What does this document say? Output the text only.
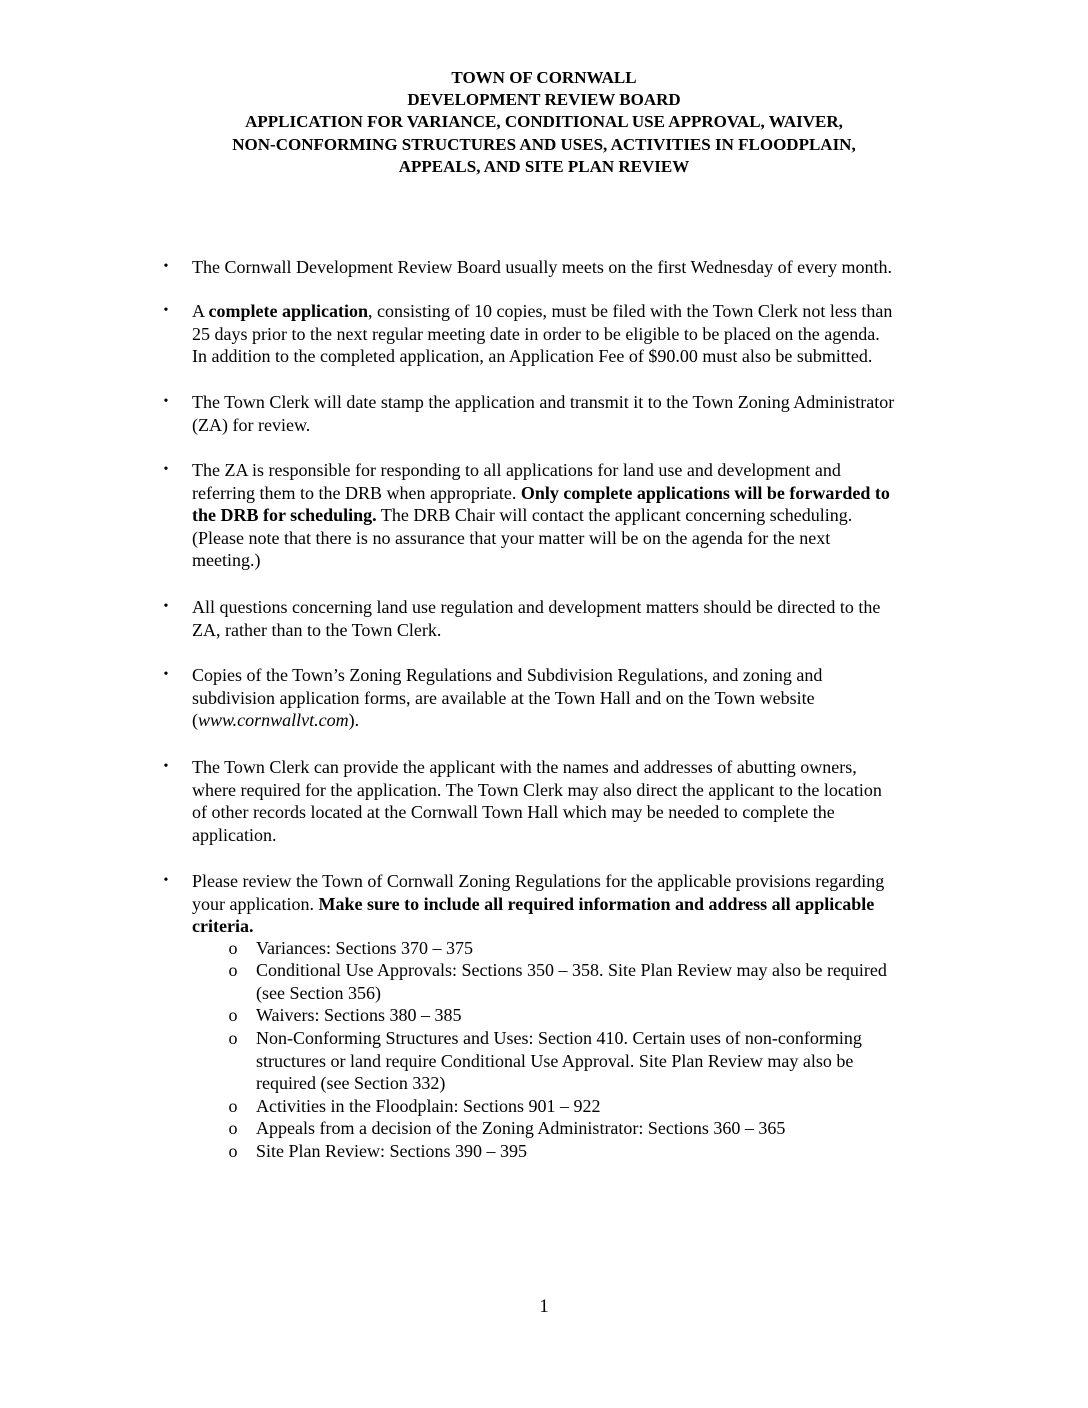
TOWN OF CORNWALL
DEVELOPMENT REVIEW BOARD
APPLICATION FOR VARIANCE, CONDITIONAL USE APPROVAL, WAIVER,
NON-CONFORMING STRUCTURES AND USES, ACTIVITIES IN FLOODPLAIN,
APPEALS, AND SITE PLAN REVIEW
• The Cornwall Development Review Board usually meets on the first Wednesday of every month.
• A complete application, consisting of 10 copies, must be filed with the Town Clerk not less than
25 days prior to the next regular meeting date in order to be eligible to be placed on the agenda.
In addition to the completed application, an Application Fee of $90.00 must also be submitted.
• The Town Clerk will date stamp the application and transmit it to the Town Zoning Administrator
(ZA) for review.
• The ZA is responsible for responding to all applications for land use and development and
referring them to the DRB when appropriate. Only complete applications will be forwarded to
the DRB for scheduling. The DRB Chair will contact the applicant concerning scheduling.
(Please note that there is no assurance that your matter will be on the agenda for the next
meeting.)
• All questions concerning land use regulation and development matters should be directed to the
ZA, rather than to the Town Clerk.
• Copies of the Town’s Zoning Regulations and Subdivision Regulations, and zoning and
subdivision application forms, are available at the Town Hall and on the Town website
(www.cornwallvt.com).
• The Town Clerk can provide the applicant with the names and addresses of abutting owners,
where required for the application. The Town Clerk may also direct the applicant to the location
of other records located at the Cornwall Town Hall which may be needed to complete the
application.
• Please review the Town of Cornwall Zoning Regulations for the applicable provisions regarding
your application. Make sure to include all required information and address all applicable
criteria.
o Variances: Sections 370 – 375
o Conditional Use Approvals: Sections 350 – 358. Site Plan Review may also be required
(see Section 356)
o Waivers: Sections 380 – 385
o Non-Conforming Structures and Uses: Section 410. Certain uses of non-conforming
structures or land require Conditional Use Approval. Site Plan Review may also be
required (see Section 332)
o Activities in the Floodplain: Sections 901 – 922
o Appeals from a decision of the Zoning Administrator: Sections 360 – 365
o Site Plan Review: Sections 390 – 395
1
